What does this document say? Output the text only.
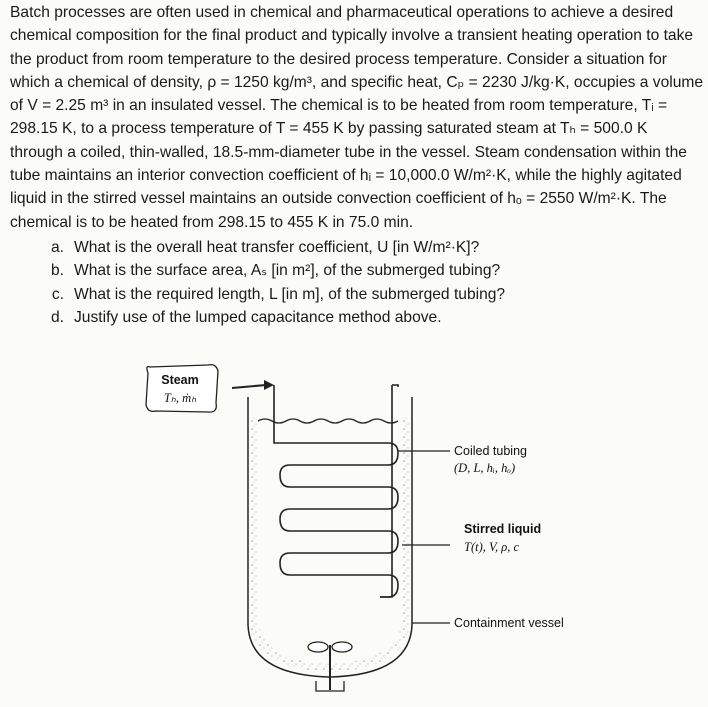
Batch processes are often used in chemical and pharmaceutical operations to achieve a desired chemical composition for the final product and typically involve a transient heating operation to take the product from room temperature to the desired process temperature. Consider a situation for which a chemical of density, ρ = 1250 kg/m³, and specific heat, Cₚ = 2230 J/kg·K, occupies a volume of V = 2.25 m³ in an insulated vessel. The chemical is to be heated from room temperature, Tᵢ = 298.15 K, to a process temperature of T = 455 K by passing saturated steam at Tₕ = 500.0 K through a coiled, thin-walled, 18.5-mm-diameter tube in the vessel. Steam condensation within the tube maintains an interior convection coefficient of hᵢ = 10,000.0 W/m²·K, while the highly agitated liquid in the stirred vessel maintains an outside convection coefficient of hₒ = 2550 W/m²·K. The chemical is to be heated from 298.15 to 455 K in 75.0 min.

a. What is the overall heat transfer coefficient, U [in W/m²·K]?
b. What is the surface area, Aₛ [in m²], of the submerged tubing?
c. What is the required length, L [in m], of the submerged tubing?
d. Justify use of the lumped capacitance method above.
Steam
Tₕ, ṁₕ
Coiled tubing
(D, L, hᵢ, hₒ)
Stirred liquid
T(t), V, ρ, c
Containment vessel
